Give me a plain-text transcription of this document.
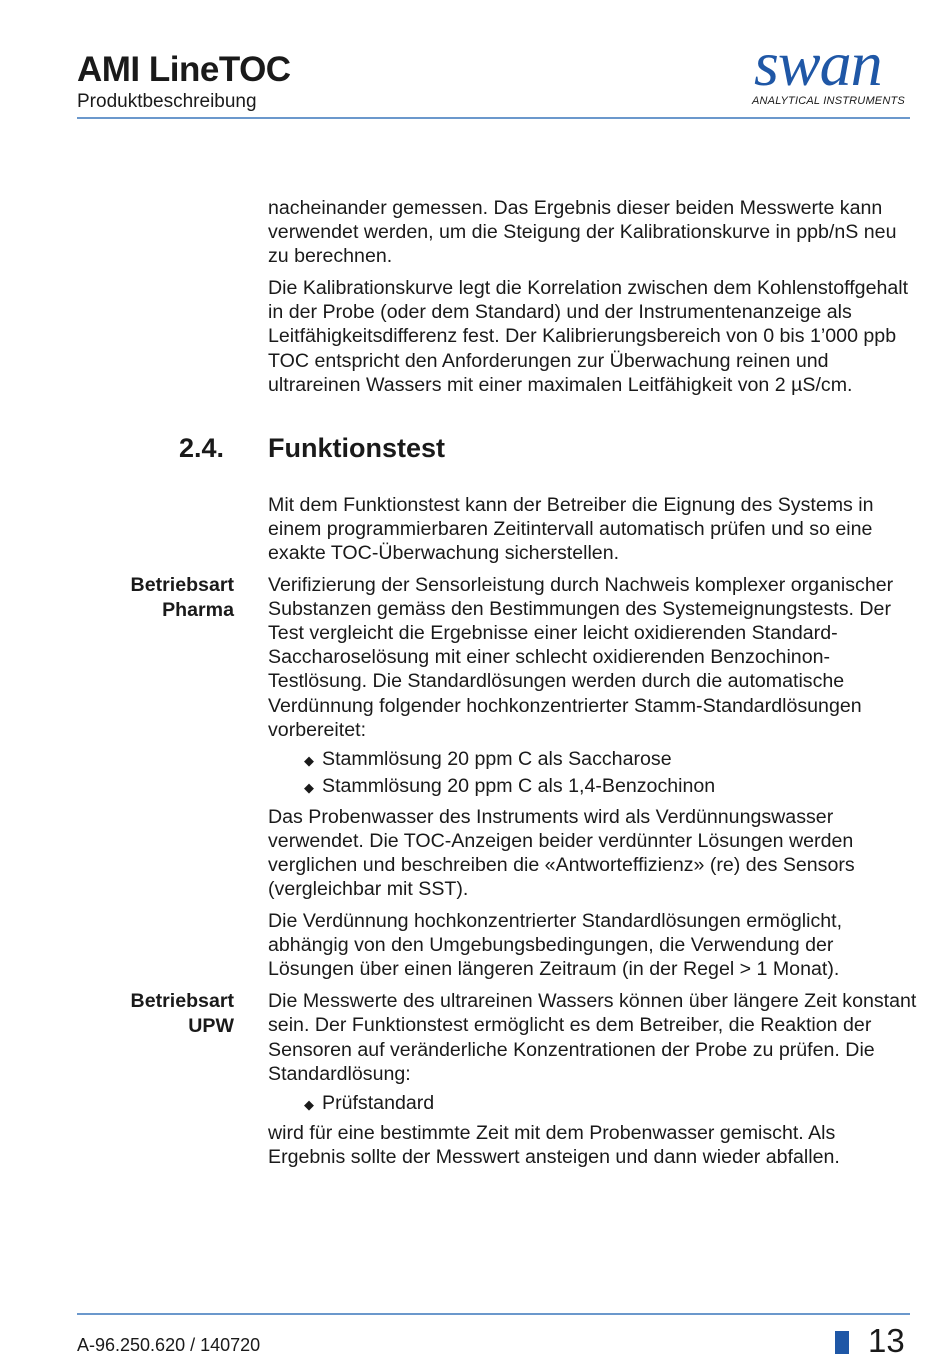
AMI LineTOC
Produktbeschreibung
swan
ANALYTICAL INSTRUMENTS

nacheinander gemessen. Das Ergebnis dieser beiden Messwerte kann verwendet werden, um die Steigung der Kalibrationskurve in ppb/nS neu zu berechnen.

Die Kalibrationskurve legt die Korrelation zwischen dem Kohlenstoffgehalt in der Probe (oder dem Standard) und der Instrumentenanzeige als Leitfähigkeitsdifferenz fest. Der Kalibrierungsbereich von 0 bis 1’000 ppb TOC entspricht den Anforderungen zur Überwachung reinen und ultrareinen Wassers mit einer maximalen Leitfähigkeit von 2 µS/cm.

2.4. Funktionstest

Mit dem Funktionstest kann der Betreiber die Eignung des Systems in einem programmierbaren Zeitintervall automatisch prüfen und so eine exakte TOC-Überwachung sicherstellen.

Betriebsart
Pharma

Verifizierung der Sensorleistung durch Nachweis komplexer organischer Substanzen gemäss den Bestimmungen des Systemeignungstests. Der Test vergleicht die Ergebnisse einer leicht oxidierenden Standard-Saccharoselösung mit einer schlecht oxidierenden Benzochinon-Testlösung. Die Standardlösungen werden durch die automatische Verdünnung folgender hochkonzentrierter Stamm-Standardlösungen vorbereitet:

◆ Stammlösung 20 ppm C als Saccharose
◆ Stammlösung 20 ppm C als 1,4-Benzochinon

Das Probenwasser des Instruments wird als Verdünnungswasser verwendet. Die TOC-Anzeigen beider verdünnter Lösungen werden verglichen und beschreiben die «Antworteffizienz» (re) des Sensors (vergleichbar mit SST).

Die Verdünnung hochkonzentrierter Standardlösungen ermöglicht, abhängig von den Umgebungsbedingungen, die Verwendung der Lösungen über einen längeren Zeitraum (in der Regel > 1 Monat).

Betriebsart
UPW

Die Messwerte des ultrareinen Wassers können über längere Zeit konstant sein. Der Funktionstest ermöglicht es dem Betreiber, die Reaktion der Sensoren auf veränderliche Konzentrationen der Probe zu prüfen. Die Standardlösung:

◆ Prüfstandard

wird für eine bestimmte Zeit mit dem Probenwasser gemischt. Als Ergebnis sollte der Messwert ansteigen und dann wieder abfallen.

A-96.250.620 / 140720	13
